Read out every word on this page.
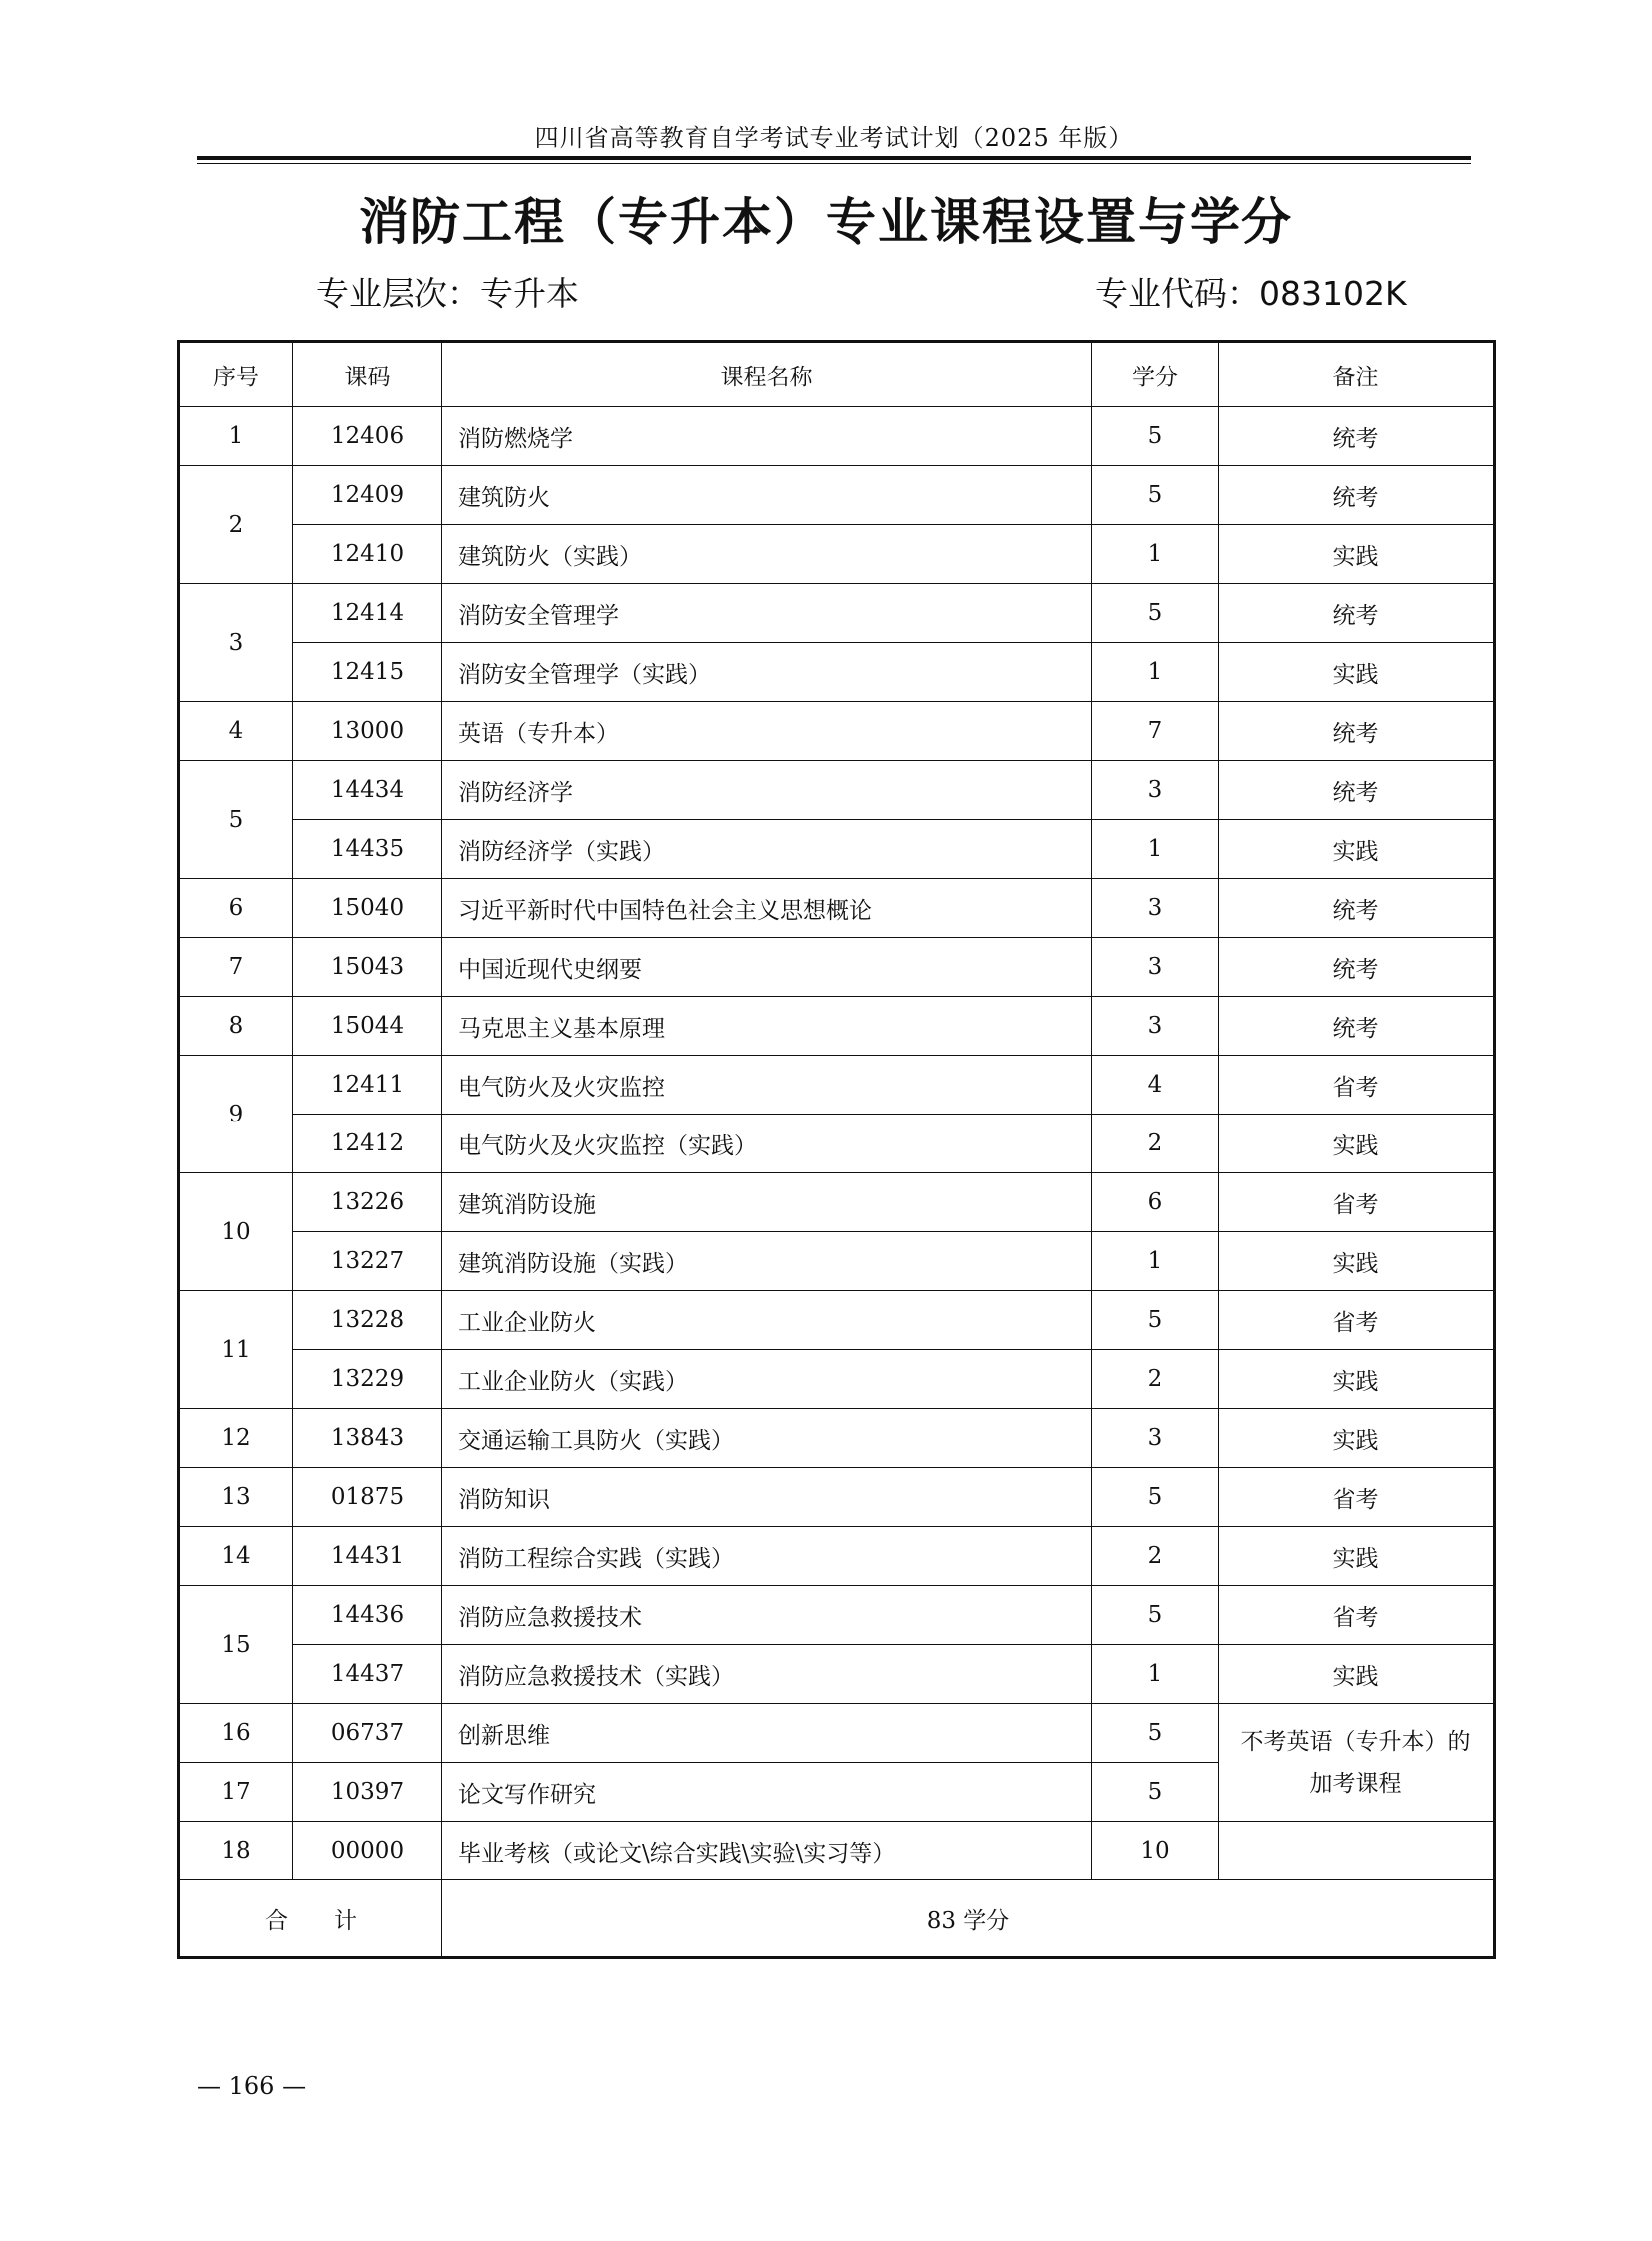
四川省高等教育自学考试专业考试计划（2025 年版）
消防工程（专升本）专业课程设置与学分
专业层次：专升本	专业代码：083102K
序号	课码	课程名称	学分	备注
1	12406	消防燃烧学	5	统考
2	12409	建筑防火	5	统考
	12410	建筑防火（实践）	1	实践
3	12414	消防安全管理学	5	统考
	12415	消防安全管理学（实践）	1	实践
4	13000	英语（专升本）	7	统考
5	14434	消防经济学	3	统考
	14435	消防经济学（实践）	1	实践
6	15040	习近平新时代中国特色社会主义思想概论	3	统考
7	15043	中国近现代史纲要	3	统考
8	15044	马克思主义基本原理	3	统考
9	12411	电气防火及火灾监控	4	省考
	12412	电气防火及火灾监控（实践）	2	实践
10	13226	建筑消防设施	6	省考
	13227	建筑消防设施（实践）	1	实践
11	13228	工业企业防火	5	省考
	13229	工业企业防火（实践）	2	实践
12	13843	交通运输工具防火（实践）	3	实践
13	01875	消防知识	5	省考
14	14431	消防工程综合实践（实践）	2	实践
15	14436	消防应急救援技术	5	省考
	14437	消防应急救援技术（实践）	1	实践
16	06737	创新思维	5	不考英语（专升本）的
加考课程
17	10397	论文写作研究	5	
18	00000	毕业考核（或论文\综合实践\实验\实习等）	10	
合　　计		83 学分		
— 166 —
